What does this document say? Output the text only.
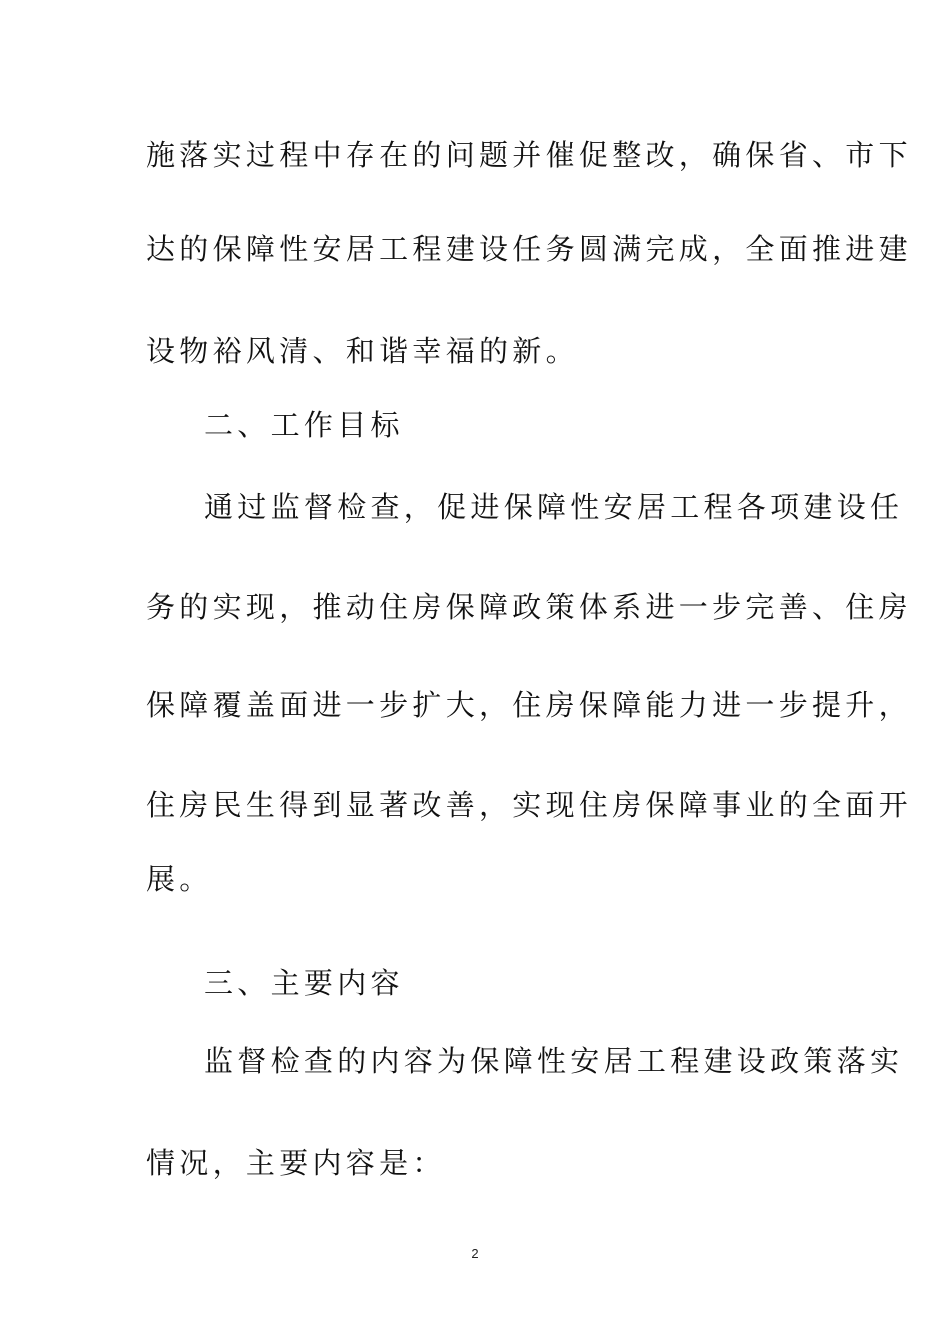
施落实过程中存在的问题并催促整改，确保省、市下
达的保障性安居工程建设任务圆满完成，全面推进建
设物裕风清、和谐幸福的新。
二、工作目标
通过监督检查，促进保障性安居工程各项建设任
务的实现，推动住房保障政策体系进一步完善、住房
保障覆盖面进一步扩大，住房保障能力进一步提升，
住房民生得到显著改善，实现住房保障事业的全面开
展。
三、主要内容
监督检查的内容为保障性安居工程建设政策落实
情况，主要内容是：
2
